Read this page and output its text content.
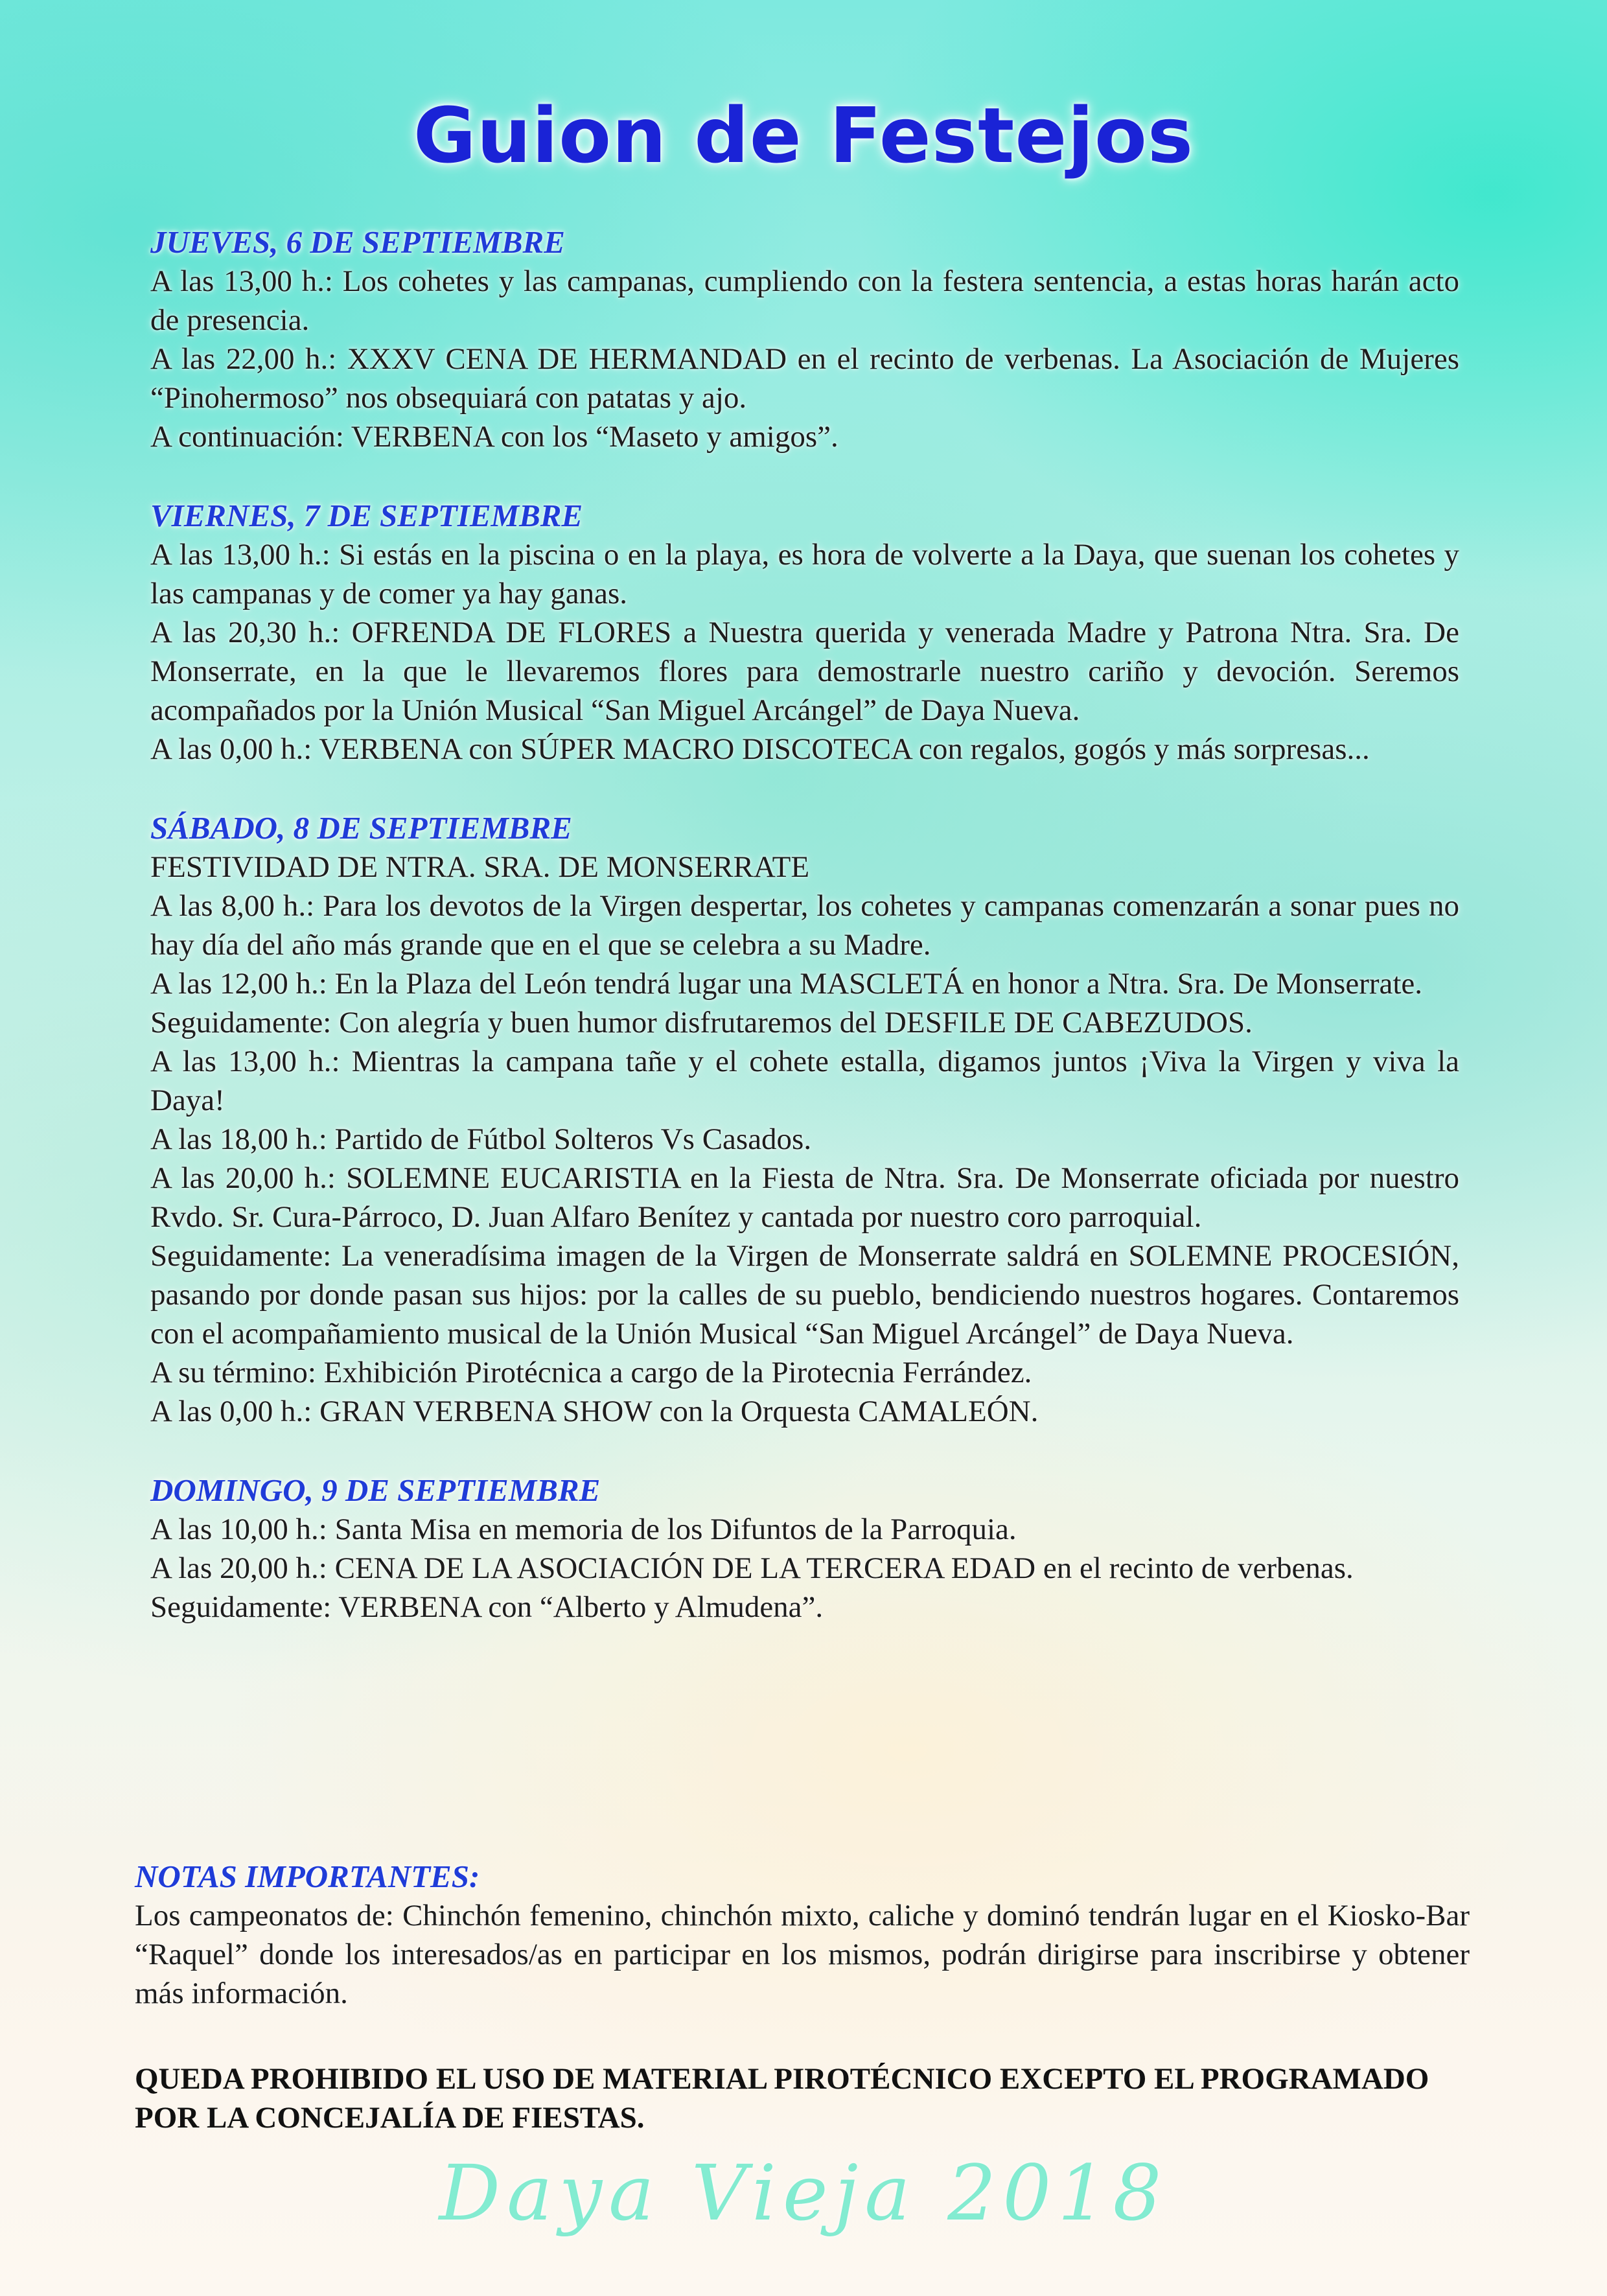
Guion de Festejos
JUEVES, 6 DE SEPTIEMBRE
A las 13,00 h.: Los cohetes y las campanas, cumpliendo con la festera sentencia, a estas horas harán acto de presencia.
A las 22,00 h.: XXXV CENA DE HERMANDAD en el recinto de verbenas. La Asociación de Mujeres “Pinohermoso” nos obsequiará con patatas y ajo.
A continuación: VERBENA con los “Maseto y amigos”.
VIERNES, 7 DE SEPTIEMBRE
A las 13,00 h.: Si estás en la piscina o en la playa, es hora de volverte a la Daya, que suenan los cohetes y las campanas y de comer ya hay ganas.
A las 20,30 h.: OFRENDA DE FLORES a Nuestra querida y venerada Madre y Patrona Ntra. Sra. De Monserrate, en la que le llevaremos flores para demostrarle nuestro cariño y devoción. Seremos acompañados por la Unión Musical “San Miguel Arcángel” de Daya Nueva.
A las 0,00 h.: VERBENA con SÚPER MACRO DISCOTECA con regalos, gogós y más sorpresas...
SÁBADO, 8 DE SEPTIEMBRE
FESTIVIDAD DE NTRA. SRA. DE MONSERRATE
A las 8,00 h.: Para los devotos de la Virgen despertar, los cohetes y campanas comenzarán a sonar pues no hay día del año más grande que en el que se celebra a su Madre.
A las 12,00 h.: En la Plaza del León tendrá lugar una MASCLETÁ en honor a Ntra. Sra. De Monserrate.
Seguidamente: Con alegría y buen humor disfrutaremos del DESFILE DE CABEZUDOS.
A las 13,00 h.: Mientras la campana tañe y el cohete estalla, digamos juntos ¡Viva la Virgen y viva la Daya!
A las 18,00 h.: Partido de Fútbol Solteros Vs Casados.
A las 20,00 h.: SOLEMNE EUCARISTIA en la Fiesta de Ntra. Sra. De Monserrate oficiada por nuestro Rvdo. Sr. Cura-Párroco, D. Juan Alfaro Benítez y cantada por nuestro coro parroquial.
Seguidamente: La veneradísima imagen de la Virgen de Monserrate saldrá en SOLEMNE PROCESIÓN, pasando por donde pasan sus hijos: por la calles de su pueblo, bendiciendo nuestros hogares. Contaremos con el acompañamiento musical de la Unión Musical “San Miguel Arcángel” de Daya Nueva.
A su término: Exhibición Pirotécnica a cargo de la Pirotecnia Ferrández.
A las 0,00 h.: GRAN VERBENA SHOW con la Orquesta CAMALEÓN.
DOMINGO, 9 DE SEPTIEMBRE
A las 10,00 h.: Santa Misa en memoria de los Difuntos de la Parroquia.
A las 20,00 h.: CENA DE LA ASOCIACIÓN DE LA TERCERA EDAD en el recinto de verbenas.
Seguidamente: VERBENA con “Alberto y Almudena”.
NOTAS IMPORTANTES:
Los campeonatos de: Chinchón femenino, chinchón mixto, caliche y dominó tendrán lugar en el Kiosko-Bar “Raquel” donde los interesados/as en participar en los mismos, podrán dirigirse para inscribirse y obtener más información.
QUEDA PROHIBIDO EL USO DE MATERIAL PIROTÉCNICO EXCEPTO EL PROGRAMADO POR LA CONCEJALÍA DE FIESTAS.
Daya Vieja 2018
